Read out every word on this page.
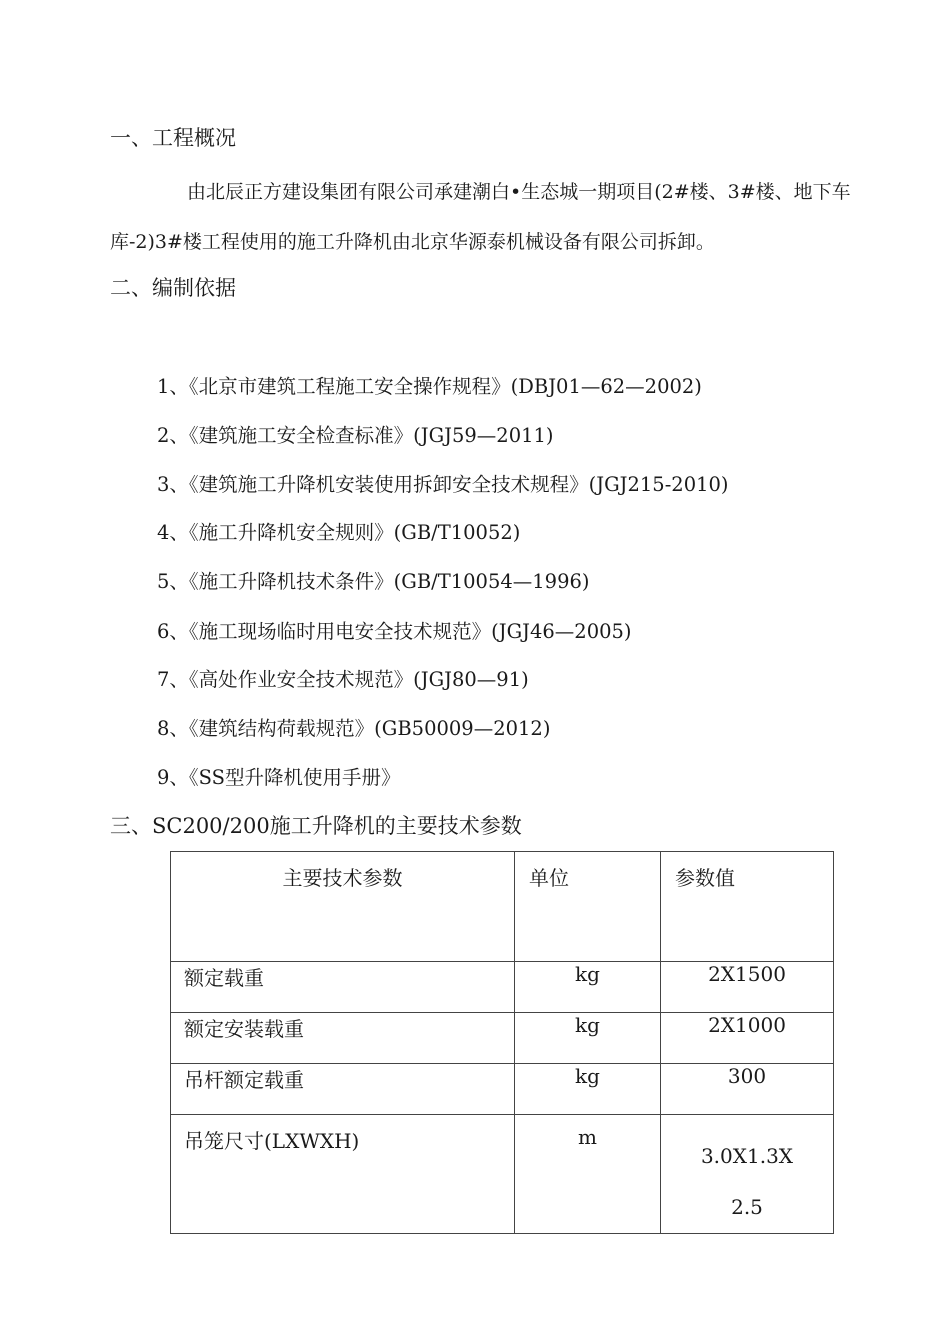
一、工程概况
由北辰正方建设集团有限公司承建潮白•生态城一期项目(2#楼、3#楼、地下车
库-2)3#楼工程使用的施工升降机由北京华源泰机械设备有限公司拆卸。
二、编制依据
1、《北京市建筑工程施工安全操作规程》(DBJ01—62—2002)
2、《建筑施工安全检查标准》(JGJ59—2011)
3、《建筑施工升降机安装使用拆卸安全技术规程》(JGJ215-2010)
4、《施工升降机安全规则》(GB/T10052)
5、《施工升降机技术条件》(GB/T10054—1996)
6、《施工现场临时用电安全技术规范》(JGJ46—2005)
7、《高处作业安全技术规范》(JGJ80—91)
8、《建筑结构荷载规范》(GB50009—2012)
9、《SS型升降机使用手册》
三、SC200/200施工升降机的主要技术参数
主要技术参数	单位	参数值
额定载重	kg	2X1500
额定安装载重	kg	2X1000
吊杆额定载重	kg	300
吊笼尺寸(LXWXH)	m	3.0X1.3X
2.5
